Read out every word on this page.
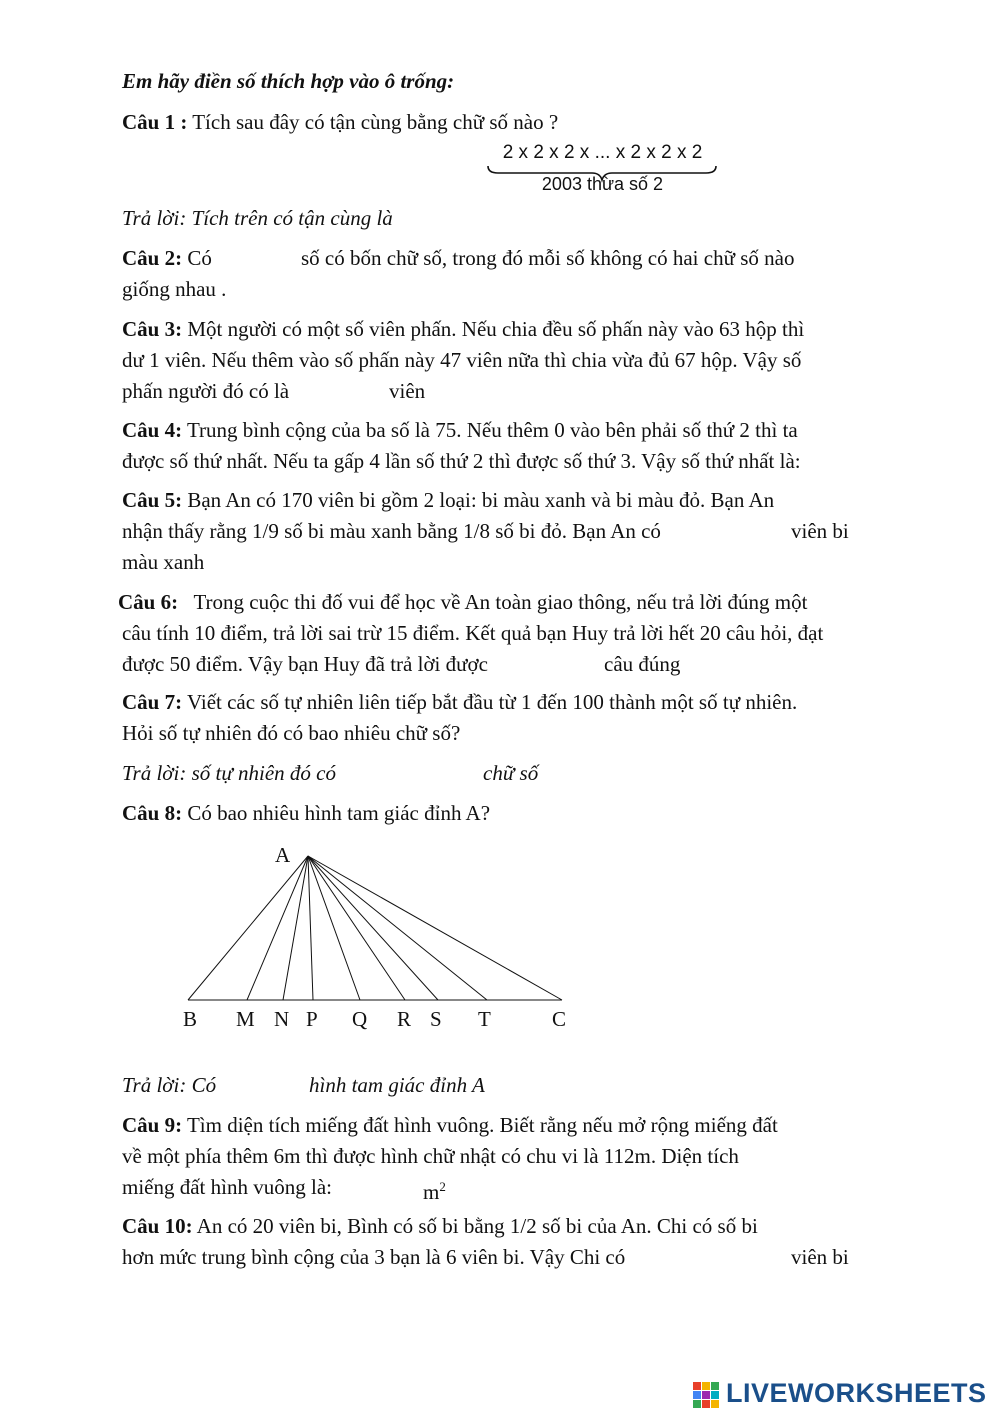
Em hãy điền số thích hợp vào ô trống:
Câu 1 : Tích sau đây có tận cùng bằng chữ số nào ?
2 x 2 x 2 x ... x 2 x 2 x 2
2003 thừa số 2
Trả lời: Tích trên có tận cùng là
Câu 2: Có	số có bốn chữ số, trong đó mỗi số không có hai chữ số nào
giống nhau .
Câu 3: Một người có một số viên phấn. Nếu chia đều số phấn này vào 63 hộp thì
dư 1 viên. Nếu thêm vào số phấn này 47 viên nữa thì chia vừa đủ 67 hộp. Vậy số
phấn người đó có là	viên
Câu 4: Trung bình cộng của ba số là 75. Nếu thêm 0 vào bên phải số thứ 2 thì ta
được số thứ nhất. Nếu ta gấp 4 lần số thứ 2 thì được số thứ 3. Vậy số thứ nhất là:
Câu 5: Bạn An có 170 viên bi gồm 2 loại: bi màu xanh và bi màu đỏ. Bạn An
nhận thấy rằng 1/9 số bi màu xanh bằng 1/8 số bi đỏ. Bạn An có	viên bi
màu xanh
Câu 6:   Trong cuộc thi đố vui để học về An toàn giao thông, nếu trả lời đúng một
câu tính 10 điểm, trả lời sai trừ 15 điểm. Kết quả bạn Huy trả lời hết 20 câu hỏi, đạt
được 50 điểm. Vậy bạn Huy đã trả lời được	câu đúng
Câu 7: Viết các số tự nhiên liên tiếp bắt đầu từ 1 đến 100 thành một số tự nhiên.
Hỏi số tự nhiên đó có bao nhiêu chữ số?
Trả lời: số tự nhiên đó có	chữ số
Câu 8: Có bao nhiêu hình tam giác đỉnh A?
A
B M N P Q R S T	C
Trả lời: Có	hình tam giác đỉnh A
Câu 9: Tìm diện tích miếng đất hình vuông. Biết rằng nếu mở rộng miếng đất
về một phía thêm 6m thì được hình chữ nhật có chu vi là 112m. Diện tích
miếng đất hình vuông là:	$m^2$
Câu 10: An có 20 viên bi, Bình có số bi bằng 1/2 số bi của An. Chi có số bi
hơn mức trung bình cộng của 3 bạn là 6 viên bi. Vậy Chi có	viên bi
LIVEWORKSHEETS
